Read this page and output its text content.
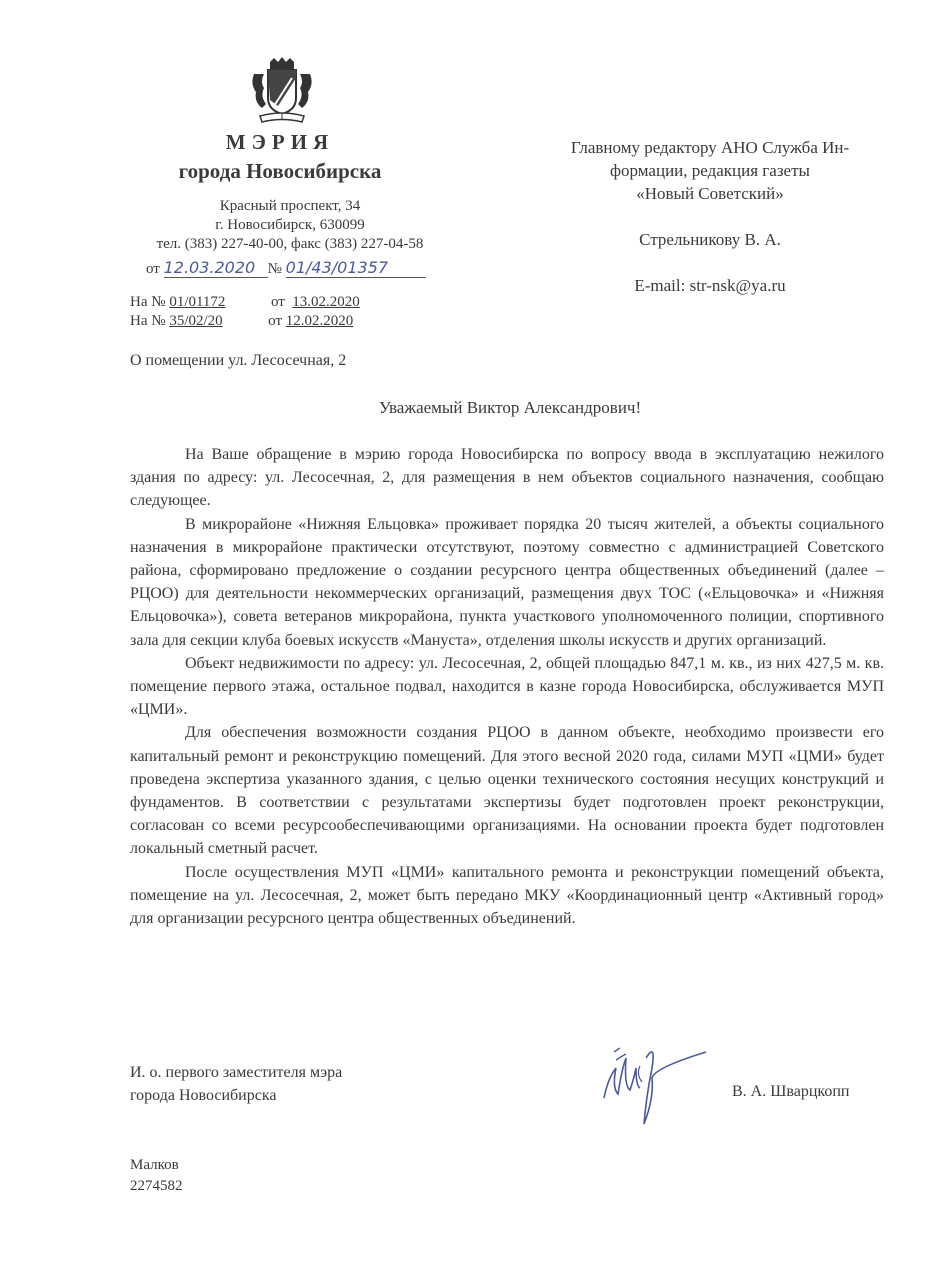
МЭРИЯ
города Новосибирска
Красный проспект, 34
г. Новосибирск, 630099
тел. (383) 227-40-00, факс (383) 227-04-58
от 12.03.2020 № 01/43/01357
На № 01/01172	от 13.02.2020
На № 35/02/20	от 12.02.2020
Главному редактору АНО Служба Ин-
формации, редакция газеты
«Новый Советский»
Стрельникову В. А.
E-mail: str-nsk@ya.ru
О помещении ул. Лесосечная, 2
Уважаемый Виктор Александрович!

На Ваше обращение в мэрию города Новосибирска по вопросу ввода в эксплуатацию нежилого здания по адресу: ул. Лесосечная, 2, для размещения в нем объектов социального назначения, сообщаю следующее.

В микрорайоне «Нижняя Ельцовка» проживает порядка 20 тысяч жителей, а объекты социального назначения в микрорайоне практически отсутствуют, поэтому совместно с администрацией Советского района, сформировано предложение о создании ресурсного центра общественных объединений (далее – РЦОО) для деятельности некоммерческих организаций, размещения двух ТОС («Ельцовочка» и «Нижняя Ельцовочка»), совета ветеранов микрорайона, пункта участкового уполномоченного полиции, спортивного зала для секции клуба боевых искусств «Мануста», отделения школы искусств и других организаций.

Объект недвижимости по адресу: ул. Лесосечная, 2, общей площадью 847,1 м. кв., из них 427,5 м. кв. помещение первого этажа, остальное подвал, находится в казне города Новосибирска, обслуживается МУП «ЦМИ».

Для обеспечения возможности создания РЦОО в данном объекте, необходимо произвести его капитальный ремонт и реконструкцию помещений. Для этого весной 2020 года, силами МУП «ЦМИ» будет проведена экспертиза указанного здания, с целью оценки технического состояния несущих конструкций и фундаментов. В соответствии с результатами экспертизы будет подготовлен проект реконструкции, согласован со всеми ресурсообеспечивающими организациями. На основании проекта будет подготовлен локальный сметный расчет.

После осуществления МУП «ЦМИ» капитального ремонта и реконструкции помещений объекта, помещение на ул. Лесосечная, 2, может быть передано МКУ «Координационный центр «Активный город» для организации ресурсного центра общественных объединений.

И. о. первого заместителя мэра
города Новосибирска	В. А. Шварцкопп
Малков
2274582
